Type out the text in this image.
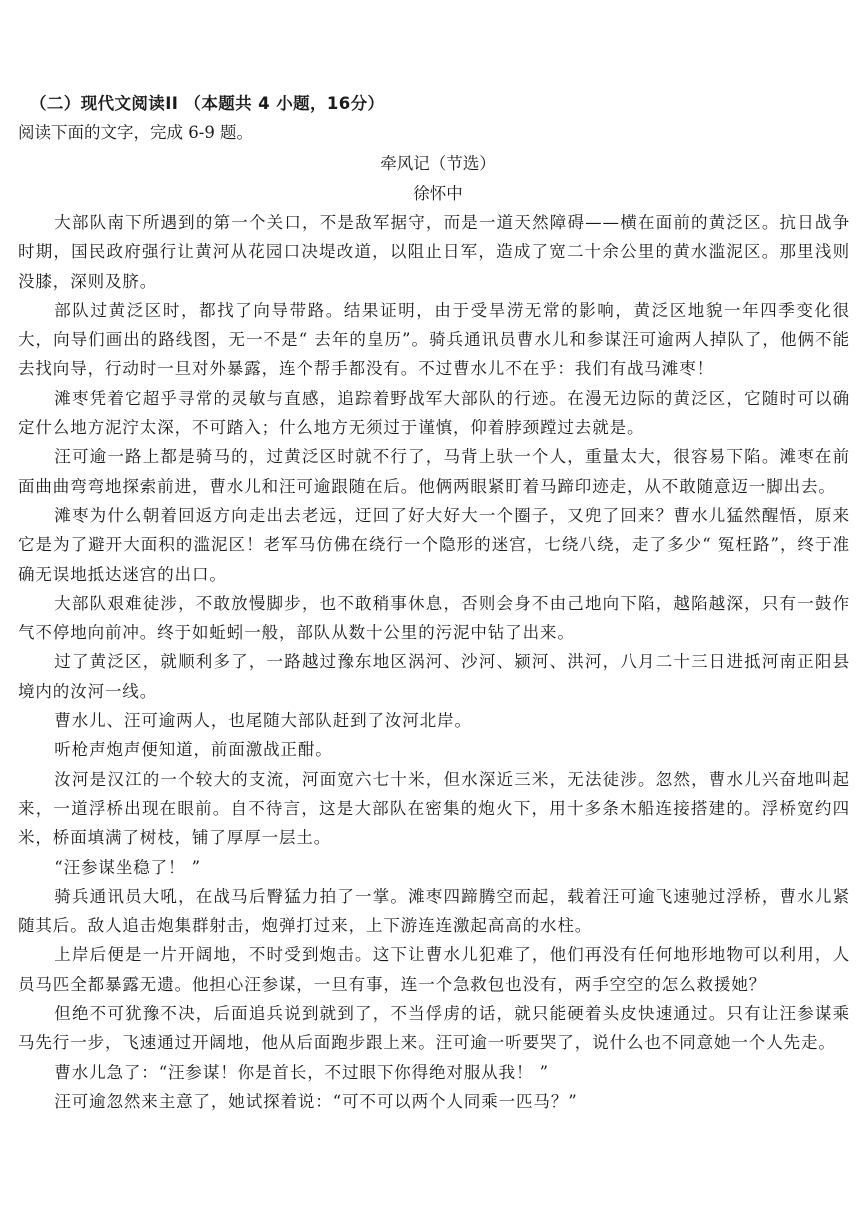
（二）现代文阅读II （本题共 4 小题，16分）
阅读下面的文字，完成 6-9 题。
牵风记（节选）
徐怀中

大部队南下所遇到的第一个关口，不是敌军据守，而是一道天然障碍——横在面前的黄泛区。抗日战争时期，国民政府强行让黄河从花园口决堤改道，以阻止日军，造成了宽二十余公里的黄水滥泥区。那里浅则没膝，深则及脐。

部队过黄泛区时，都找了向导带路。结果证明，由于受旱涝无常的影响，黄泛区地貌一年四季变化很大，向导们画出的路线图，无一不是“ 去年的皇历”。骑兵通讯员曹水儿和参谋汪可逾两人掉队了，他俩不能去找向导，行动时一旦对外暴露，连个帮手都没有。不过曹水儿不在乎：我们有战马滩枣！

滩枣凭着它超乎寻常的灵敏与直感，追踪着野战军大部队的行迹。在漫无边际的黄泛区，它随时可以确定什么地方泥泞太深，不可踏入；什么地方无须过于谨慎，仰着脖颈蹚过去就是。

汪可逾一路上都是骑马的，过黄泛区时就不行了，马背上驮一个人，重量太大，很容易下陷。滩枣在前面曲曲弯弯地探索前进，曹水儿和汪可逾跟随在后。他俩两眼紧盯着马蹄印迹走，从不敢随意迈一脚出去。

滩枣为什么朝着回返方向走出去老远，迂回了好大好大一个圈子，又兜了回来？曹水儿猛然醒悟，原来它是为了避开大面积的滥泥区！老军马仿佛在绕行一个隐形的迷宫，七绕八绕，走了多少“ 冤枉路”，终于准确无误地抵达迷宫的出口。

大部队艰难徒涉，不敢放慢脚步，也不敢稍事休息，否则会身不由己地向下陷，越陷越深，只有一鼓作气不停地向前冲。终于如蚯蚓一般，部队从数十公里的污泥中钻了出来。

过了黄泛区，就顺利多了，一路越过豫东地区涡河、沙河、颍河、洪河，八月二十三日进抵河南正阳县境内的汝河一线。

曹水儿、汪可逾两人，也尾随大部队赶到了汝河北岸。

听枪声炮声便知道，前面激战正酣。

汝河是汉江的一个较大的支流，河面宽六七十米，但水深近三米，无法徒涉。忽然，曹水儿兴奋地叫起来，一道浮桥出现在眼前。自不待言，这是大部队在密集的炮火下，用十多条木船连接搭建的。浮桥宽约四米，桥面填满了树枝，铺了厚厚一层土。

“汪参谋坐稳了！ ”

骑兵通讯员大吼，在战马后臀猛力拍了一掌。滩枣四蹄腾空而起，载着汪可逾飞速驰过浮桥，曹水儿紧随其后。敌人追击炮集群射击，炮弹打过来，上下游连连激起高高的水柱。

上岸后便是一片开阔地，不时受到炮击。这下让曹水儿犯难了，他们再没有任何地形地物可以利用，人员马匹全都暴露无遗。他担心汪参谋，一旦有事，连一个急救包也没有，两手空空的怎么救援她？

但绝不可犹豫不决，后面追兵说到就到了，不当俘虏的话，就只能硬着头皮快速通过。只有让汪参谋乘马先行一步，飞速通过开阔地，他从后面跑步跟上来。汪可逾一听要哭了，说什么也不同意她一个人先走。

曹水儿急了：“汪参谋！你是首长，不过眼下你得绝对服从我！ ”

汪可逾忽然来主意了，她试探着说：“可不可以两个人同乘一匹马？”
